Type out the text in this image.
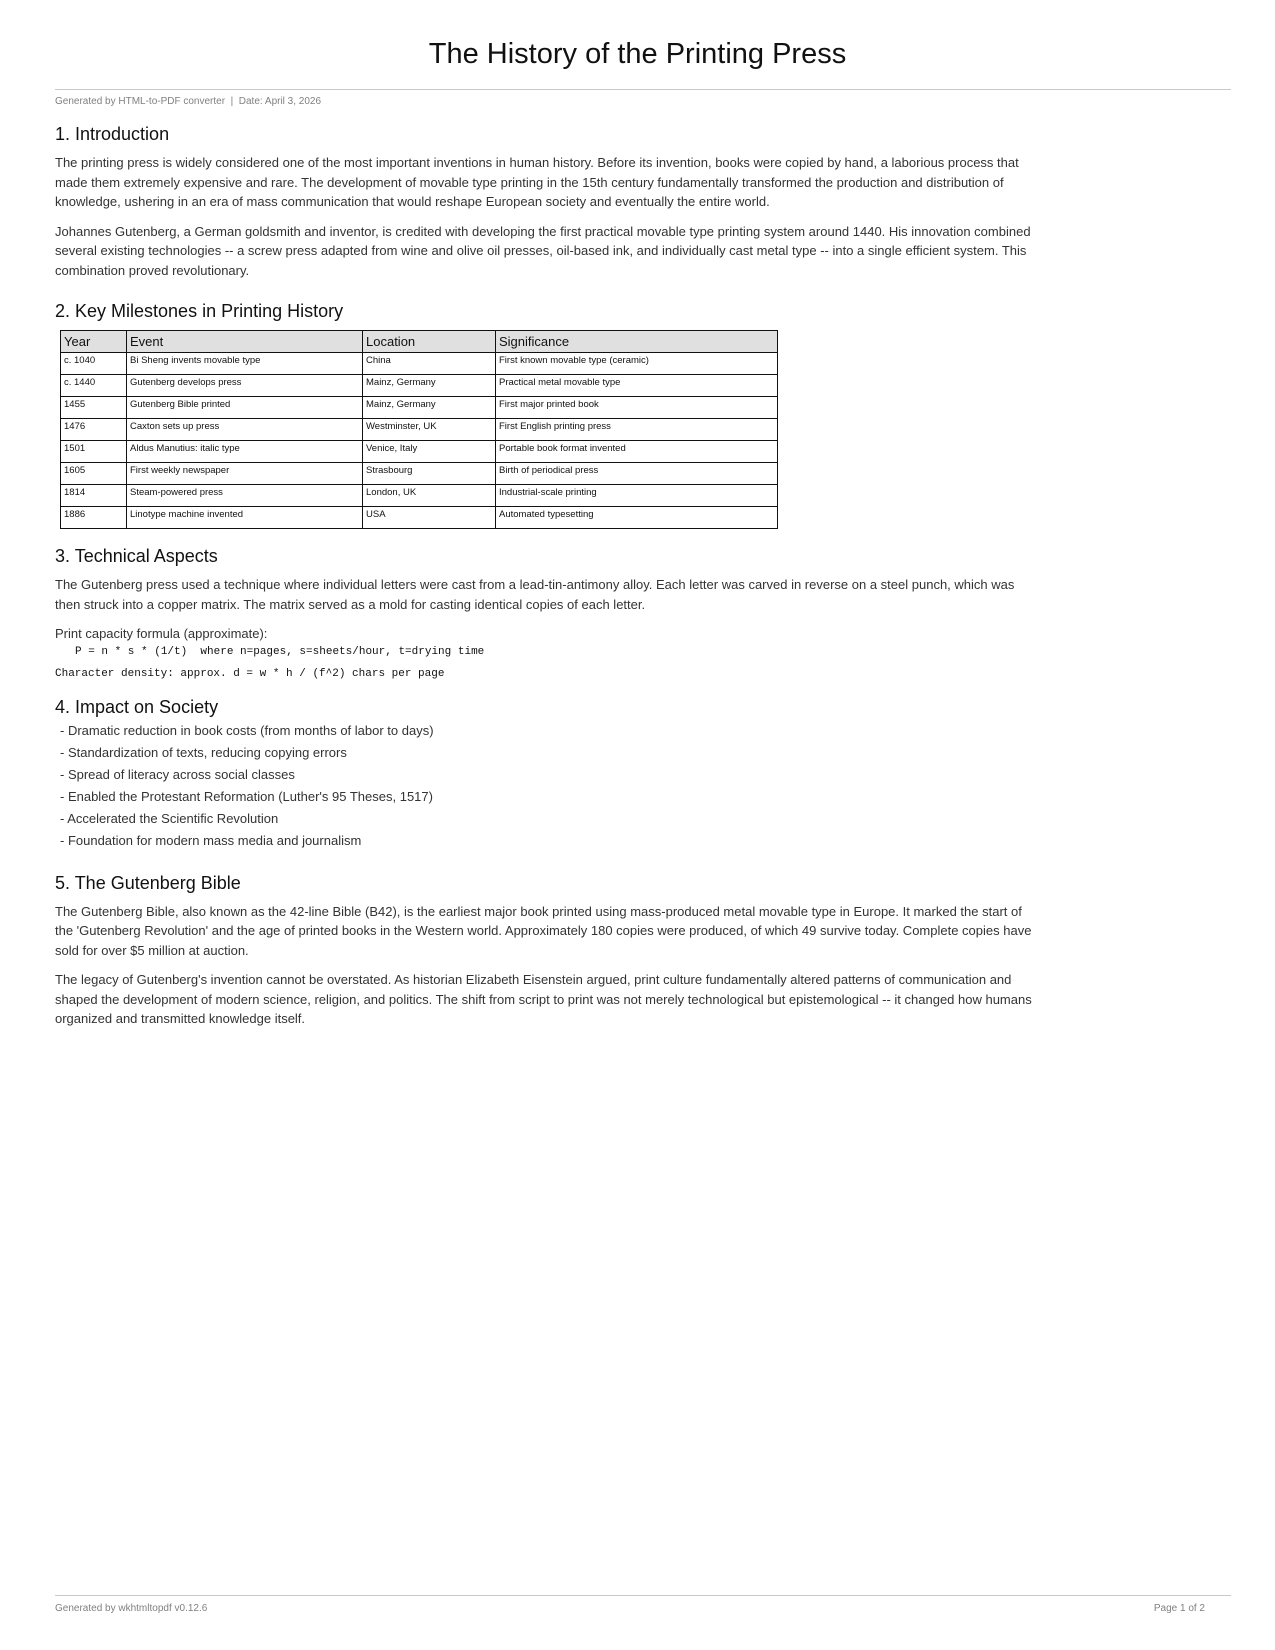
The History of the Printing Press
Generated by HTML-to-PDF converter  |  Date: April 3, 2026
1. Introduction

The printing press is widely considered one of the most important inventions in human history. Before its invention, books were copied by hand, a laborious process that made them extremely expensive and rare. The development of movable type printing in the 15th century fundamentally transformed the production and distribution of knowledge, ushering in an era of mass communication that would reshape European society and eventually the entire world.

Johannes Gutenberg, a German goldsmith and inventor, is credited with developing the first practical movable type printing system around 1440. His innovation combined several existing technologies -- a screw press adapted from wine and olive oil presses, oil-based ink, and individually cast metal type -- into a single efficient system. This combination proved revolutionary.

2. Key Milestones in Printing History
Year	Event	Location	Significance
c. 1040	Bi Sheng invents movable type	China	First known movable type (ceramic)
c. 1440	Gutenberg develops press	Mainz, Germany	Practical metal movable type
1455	Gutenberg Bible printed	Mainz, Germany	First major printed book
1476	Caxton sets up press	Westminster, UK	First English printing press
1501	Aldus Manutius: italic type	Venice, Italy	Portable book format invented
1605	First weekly newspaper	Strasbourg	Birth of periodical press
1814	Steam-powered press	London, UK	Industrial-scale printing
1886	Linotype machine invented	USA	Automated typesetting
3. Technical Aspects

The Gutenberg press used a technique where individual letters were cast from a lead-tin-antimony alloy. Each letter was carved in reverse on a steel punch, which was then struck into a copper matrix. The matrix served as a mold for casting identical copies of each letter.

Print capacity formula (approximate):

P = n * s * (1/t)  where n=pages, s=sheets/hour, t=drying time
Character density: approx. d = w * h / (f^2) chars per page
4. Impact on Society
- Dramatic reduction in book costs (from months of labor to days)
- Standardization of texts, reducing copying errors
- Spread of literacy across social classes
- Enabled the Protestant Reformation (Luther's 95 Theses, 1517)
- Accelerated the Scientific Revolution
- Foundation for modern mass media and journalism
5. The Gutenberg Bible

The Gutenberg Bible, also known as the 42-line Bible (B42), is the earliest major book printed using mass-produced metal movable type in Europe. It marked the start of the 'Gutenberg Revolution' and the age of printed books in the Western world. Approximately 180 copies were produced, of which 49 survive today. Complete copies have sold for over $5 million at auction.

The legacy of Gutenberg's invention cannot be overstated. As historian Elizabeth Eisenstein argued, print culture fundamentally altered patterns of communication and shaped the development of modern science, religion, and politics. The shift from script to print was not merely technological but epistemological -- it changed how humans organized and transmitted knowledge itself.

Generated by wkhtmltopdf v0.12.6	Page 1 of 2
